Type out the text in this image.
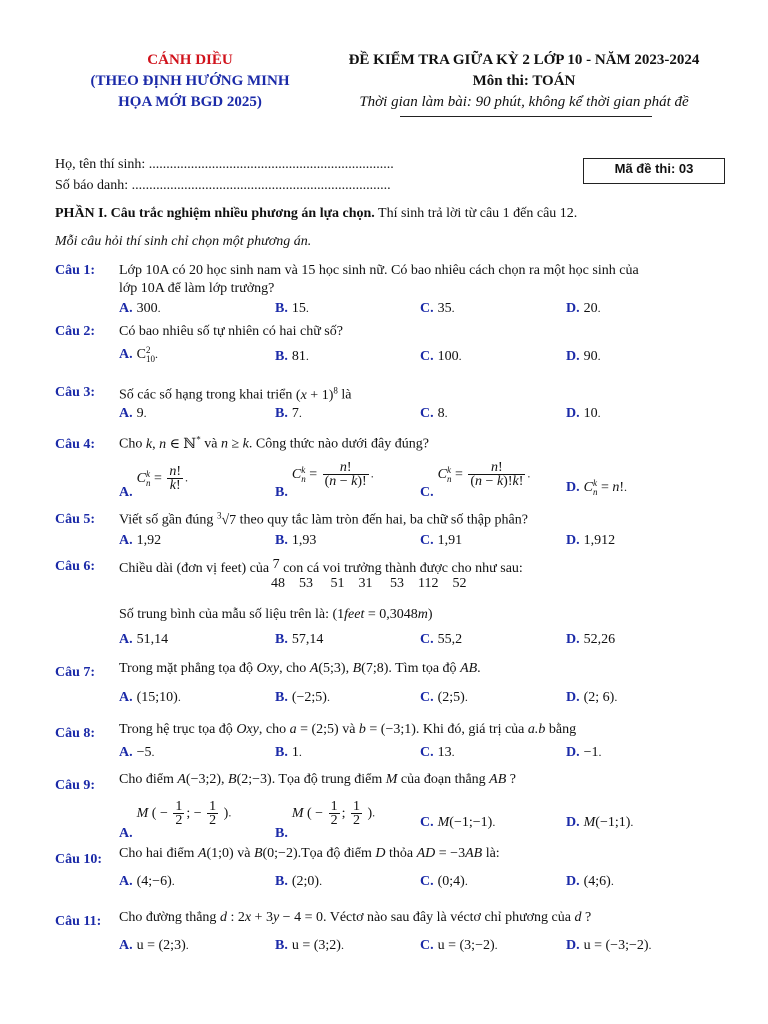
CÁNH DIỀU
(THEO ĐỊNH HƯỚNG MINH
HỌA MỚI BGD 2025)
ĐỀ KIỂM TRA GIỮA KỲ 2 LỚP 10 - NĂM 2023-2024
Môn thi: TOÁN
Thời gian làm bài: 90 phút, không kể thời gian phát đề
Họ, tên thí sinh: ......................................................................
Số báo danh: ..........................................................................
Mã đề thi: 03
PHẦN I. Câu trắc nghiệm nhiều phương án lựa chọn. Thí sinh trả lời từ câu 1 đến câu 12.
Mỗi câu hỏi thí sinh chỉ chọn một phương án.
Câu 1: Lớp 10A có 20 học sinh nam và 15 học sinh nữ. Có bao nhiêu cách chọn ra một học sinh của
lớp 10A để làm lớp trưởng?
A. 300.	B. 15.	C. 35.	D. 20.
Câu 2: Có bao nhiêu số tự nhiên có hai chữ số?
A. C 2
10 .	B. 81.	C. 100.	D. 90.
Câu 3: Số các số hạng trong khai triển $(x + 1)^8$ là
A. 9.	B. 7.	C. 8.	D. 10.
Câu 4: Cho k, n ∈ ℕ* và n ≥ k. Công thức nào dưới đây đúng?
A.C k
$n = \frac{n!}{k!}$ .
B.C k
$n = \frac{n!}{(n - k)!}$ .
C.C k
$n = \frac{n!}{(n - k)!k!}$ .
D. C k
n = n!.
Câu 5: Viết số gần đúng $^3$√7 theo quy tắc làm tròn đến hai, ba chữ số thập phân?
A. 1,92	B. 1,93	C. 1,91	D. 1,912
Câu 6: Chiều dài (đơn vị feet) của 7 con cá voi trưởng thành được cho như sau:
48    53     51    31     53    112    52
Số trung bình của mẫu số liệu trên là: (1feet = 0,3048m)
A. 51,14	B. 57,14	C. 55,2	D. 52,26
Câu 7: Trong mặt phẳng tọa độ Oxy, cho A(5;3), B(7;8). Tìm tọa độ AB.
A. (15;10).	B. (−2;5).	C. (2;5).	D. (2; 6).
Câu 8: Trong hệ trục tọa độ Oxy, cho a = (2;5) và b = (−3;1). Khi đó, giá trị của a.b bằng
A. −5.	B. 1.	C. 13.	D. −1.
Câu 9: Cho điểm A(−3;2), B(2;−3). Tọa độ trung điểm M của đoạn thẳng AB ?
A.M ( − $\frac{1}{2}$ ; − $\frac{1}{2}$ ).
B.M ( − $\frac{1}{2}$ ; $\frac{1}{2}$ ).
C. M(−1;−1).	D. M(−1;1).
Câu 10: Cho hai điểm A(1;0) và B(0;−2).Tọa độ điểm D thỏa AD = −3AB là:
A. (4;−6).	B. (2;0).	C. (0;4).	D. (4;6).
Câu 11: Cho đường thẳng d : 2x + 3y − 4 = 0. Véctơ nào sau đây là véctơ chỉ phương của d ?
A. u = (2;3).	B. u = (3;2).	C. u = (3;−2).	D. u = (−3;−2).
